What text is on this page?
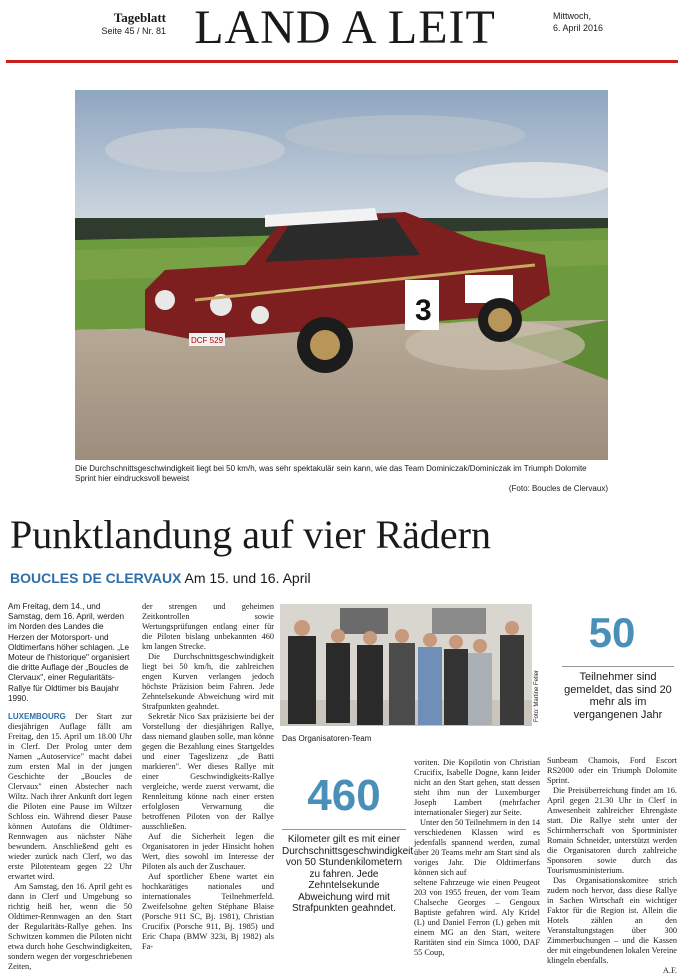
Tageblatt
Seite 45 / Nr. 81 LAND A LEIT	Mittwoch,
6. April 2016
3
DCF 529
Die Durchschnittsgeschwindigkeit liegt bei 50 km/h, was sehr spektakulär sein kann, wie das Team Dominiczak/Dominiczak im Triumph Dolomite Sprint hier eindrucksvoll beweist
(Foto: Boucles de Clervaux)
Punktlandung auf vier Rädern
BOUCLES DE CLERVAUX Am 15. und 16. April
Am Freitag, dem 14., und Samstag, dem 16. April, werden im Norden des Landes die Herzen der Motorsport- und Oldtimerfans höher schlagen. „Le Moteur de l'historique" organisiert die dritte Auflage der „Boucles de Clervaux", einer Regularitäts-Rallye für Oldtimer bis Baujahr 1990.

LUXEMBOURG Der Start zur diesjährigen Auflage fällt am Freitag, den 15. April um 18.00 Uhr in Clerf. Der Prolog unter dem Namen „Autoservice" macht dabei zum ersten Mal in der jungen Geschichte der „Boucles de Clervaux" einen Abstecher nach Wiltz. Nach ihrer Ankunft dort legen die Piloten eine Pause im Wiltzer Schloss ein. Während dieser Pause können Autofans die Oldtimer-Rennwagen aus nächster Nähe bewundern. Anschließend geht es wieder zurück nach Clerf, wo das erste Pilotenteam gegen 22 Uhr erwartet wird.

Am Samstag, den 16. April geht es dann in Clerf und Umgebung so richtig heiß her, wenn die 50 Oldtimer-Rennwagen an den Start der Regularitäts-Rallye gehen. Ins Schwitzen kommen die Piloten nicht etwa durch hohe Geschwindigkeiten, sondern wegen der vorgeschriebenen Zeiten,

der strengen und geheimen Zeitkontrollen sowie Wertungsprüfungen entlang einer für die Piloten bislang unbekannten 460 km langen Strecke.

Die Durchschnittsgeschwindigkeit liegt bei 50 km/h, die zahlreichen engen Kurven verlangen jedoch höchste Präzision beim Fahren. Jede Zehntelsekunde Abweichung wird mit Strafpunkten geahndet.

Sekretär Nico Sax präzisierte bei der Vorstellung der diesjährigen Rallye, dass niemand glauben solle, man könne gegen die Bezahlung eines Startgeldes und einer Tageslizenz „de Batti markieren". Wer dieses Rallye mit einer Geschwindigkeits-Rallye vergleiche, werde zuerst verwarnt, die Rennleitung könne nach einer ersten erfolglosen Verwarnung die betroffenen Piloten von der Rallye ausschließen.

Auf die Sicherheit legen die Organisatoren in jeder Hinsicht hohen Wert, dies sowohl im Interesse der Piloten als auch der Zuschauer.

Auf sportlicher Ebene wartet ein hochkarätiges nationales und internationales Teilnehmerfeld. Zweifelsohne gelten Stéphane Blaise (Porsche 911 SC, Bj. 1981), Christian Crucifix (Porsche 911, Bj. 1985) und Eric Chapa (BMW 323i, Bj 1982) als Fa-

Foto: Martine Feller
Das Organisatoren-Team
50
Teilnehmer sind gemeldet, das sind 20 mehr als im vergangenen Jahr
460
Kilometer gilt es mit einer Durchschnittsgeschwindigkeit von 50 Stundenkilometern zu fahren. Jede Zehntelsekunde Abweichung wird mit Strafpunkten geahndet.

voriten. Die Kopilotin von Christian Crucifix, Isabelle Dogne, kann leider nicht an den Start gehen, statt dessen steht ihm nun der Luxemburger Joseph Lambert (mehrfacher internationaler Sieger) zur Seite.

Unter den 50 Teilnehmern in den 14 verschiedenen Klassen wird es jedenfalls spannend werden, zumal über 20 Teams mehr am Start sind als voriges Jahr. Die Oldtimerfans können sich auf

seltene Fahrzeuge wie einen Peugeot 203 von 1955 freuen, der vom Team Chalseche Georges – Gengoux Baptiste gefahren wird. Aly Kridel (L) und Daniel Ferron (L) gehen mit einem MG an den Start, weitere Raritäten sind ein Simca 1000, DAF 55 Coup,

Sunbeam Chamois, Ford Escort RS2000 oder ein Triumph Dolomite Sprint.

Die Preisüberreichung findet am 16. April gegen 21.30 Uhr in Clerf in Anwesenheit zahlreicher Ehrengäste statt. Die Rallye steht unter der Schirmherrschaft von Sportminister Romain Schneider, unterstützt werden die Organisatoren durch zahlreiche Sponsoren sowie durch das Tourismusministerium.

Das Organisationskomitee strich zudem noch hervor, dass diese Rallye in Sachen Wirtschaft ein wichtiger Faktor für die Region ist. Allein die Hotels zählen an den Veranstaltungstagen über 300 Zimmerbuchungen – und die Kassen der mit eingebundenen lokalen Vereine klingeln ebenfalls.

A.F.
